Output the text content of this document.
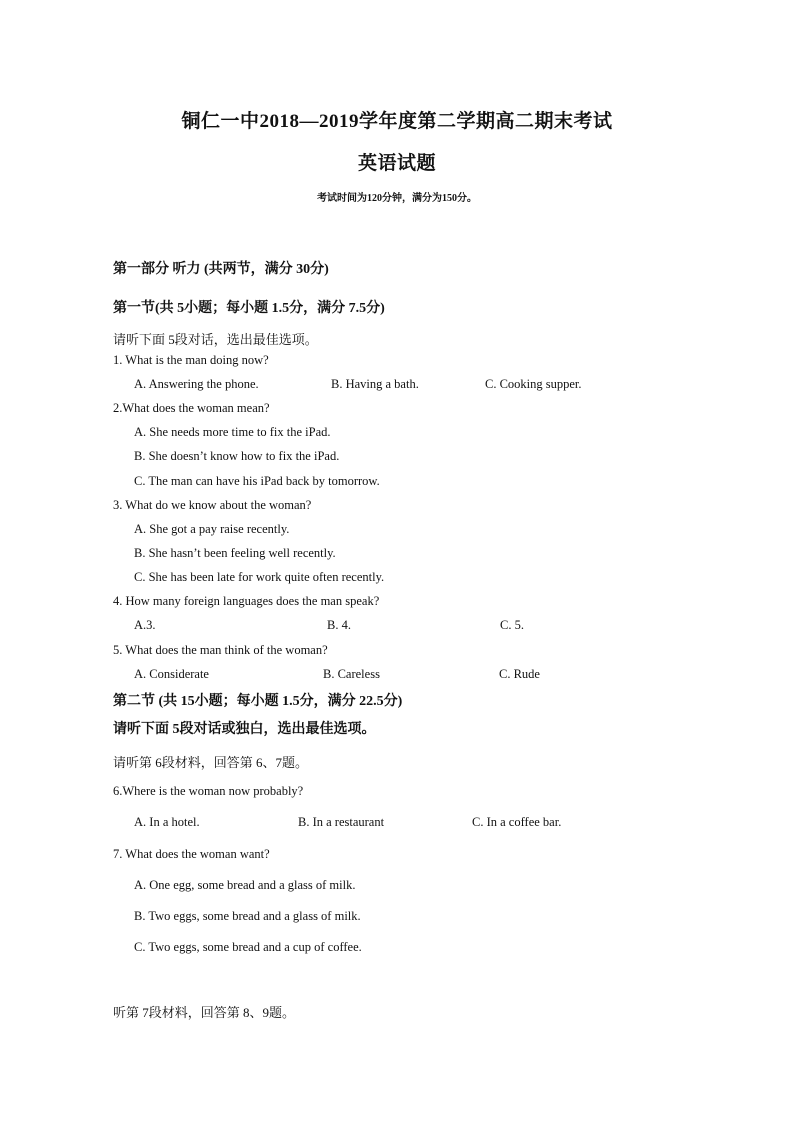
铜仁一中2018—2019学年度第二学期高二期末考试
英语试题
考试时间为120分钟，满分为150分。
第一部分 听力 (共两节，满分 30分)
第一节(共 5小题；每小题 1.5分，满分 7.5分)
请听下面 5段对话，选出最佳选项。
1. What is the man doing now?
A. Answering the phone.	B. Having a bath.	C. Cooking supper.
2.What does the woman mean?
A. She needs more time to fix the iPad.
B. She doesn’t know how to fix the iPad.
C. The man can have his iPad back by tomorrow.
3. What do we know about the woman?
A. She got a pay raise recently.
B. She hasn’t been feeling well recently.
C. She has been late for work quite often recently.
4. How many foreign languages does the man speak?
A.3.	B. 4.	C. 5.
5. What does the man think of the woman?
A. Considerate	B. Careless	C. Rude
第二节 (共 15小题；每小题 1.5分，满分 22.5分)
请听下面 5段对话或独白，选出最佳选项。
请听第 6段材料，回答第 6、7题。
6.Where is the woman now probably?
A. In a hotel.	B. In a restaurant	C. In a coffee bar.
7. What does the woman want?
A. One egg, some bread and a glass of milk.
B. Two eggs, some bread and a glass of milk.
C. Two eggs, some bread and a cup of coffee.
听第 7段材料，回答第 8、9题。
